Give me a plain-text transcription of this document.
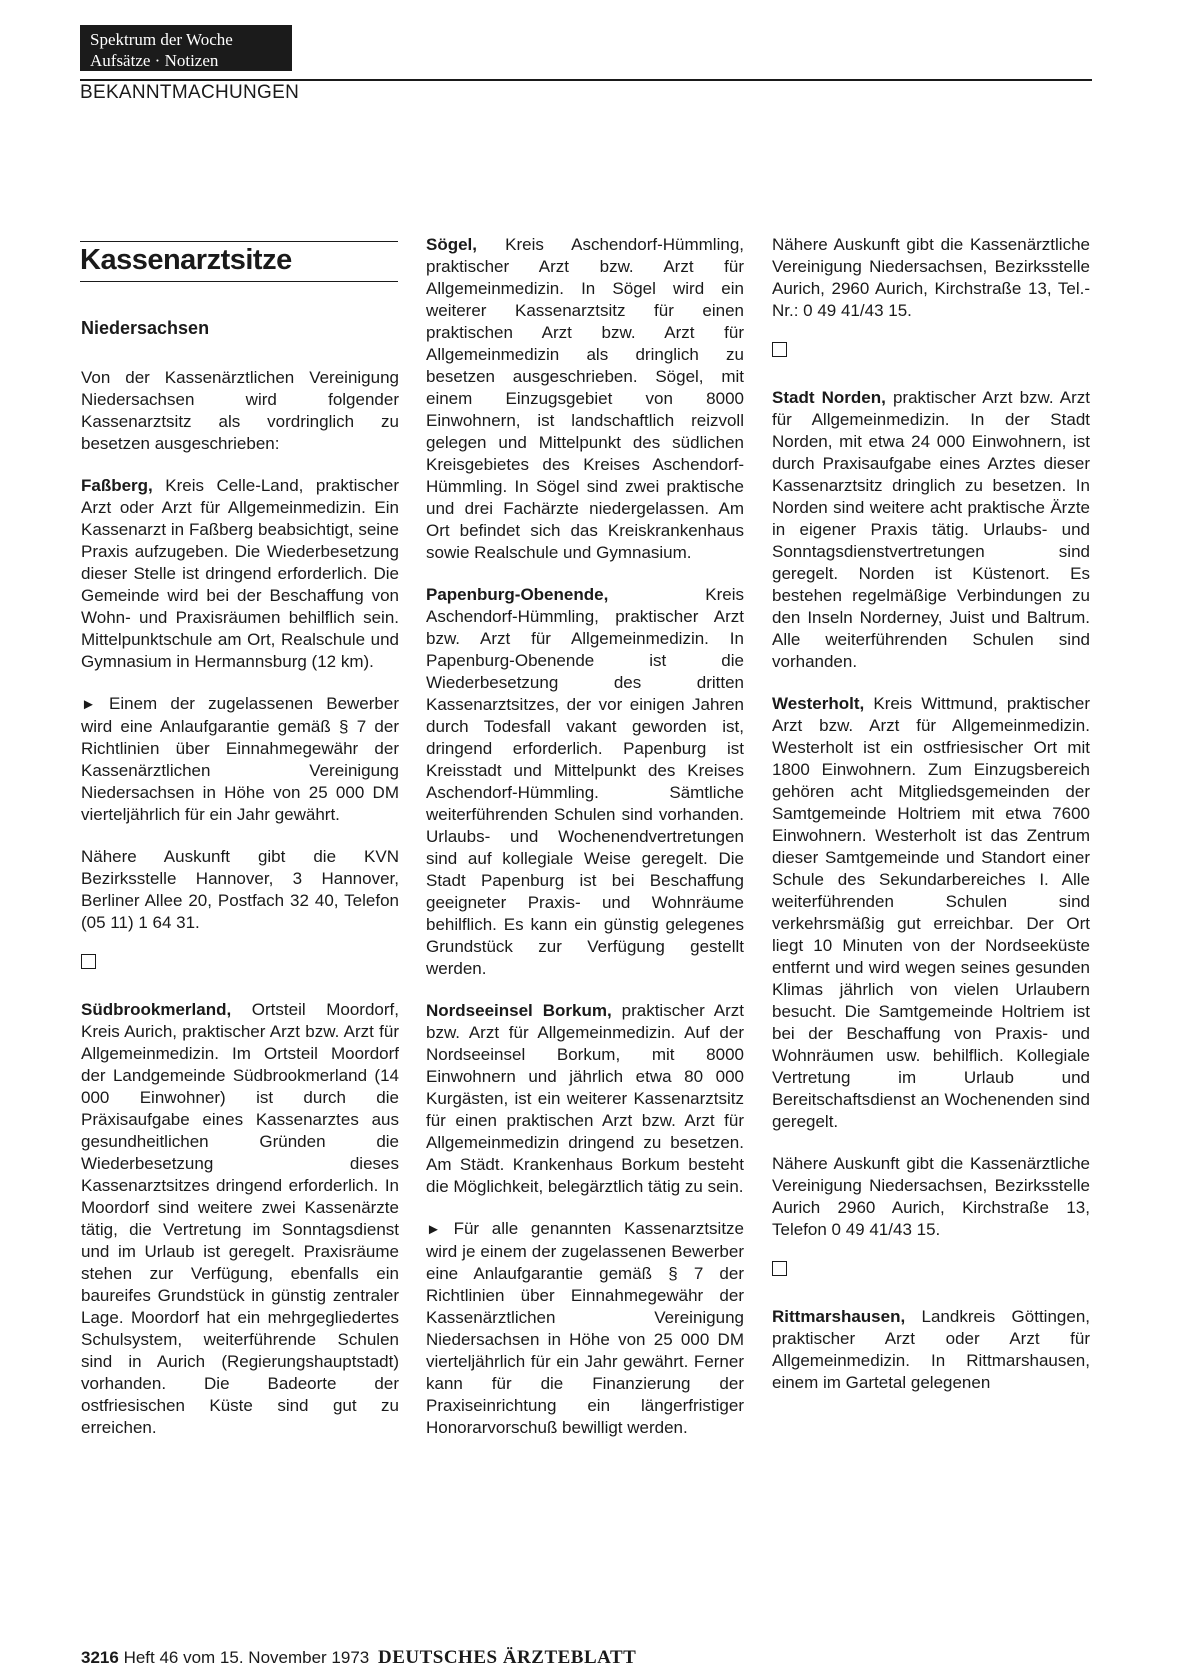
Spektrum der Woche
Aufsätze · Notizen
BEKANNTMACHUNGEN
Kassenarztsitze
Niedersachsen

Von der Kassenärztlichen Vereinigung Niedersachsen wird folgender Kassenarztsitz als vordringlich zu besetzen ausgeschrieben:

Faßberg, Kreis Celle-Land, praktischer Arzt oder Arzt für Allgemeinmedizin. Ein Kassenarzt in Faßberg beabsichtigt, seine Praxis aufzugeben. Die Wiederbesetzung dieser Stelle ist dringend erforderlich. Die Gemeinde wird bei der Beschaffung von Wohn- und Praxisräumen behilflich sein. Mittelpunktschule am Ort, Realschule und Gymnasium in Hermannsburg (12 km).

► Einem der zugelassenen Bewerber wird eine Anlaufgarantie gemäß § 7 der Richtlinien über Einnahmegewähr der Kassenärztlichen Vereinigung Niedersachsen in Höhe von 25 000 DM vierteljährlich für ein Jahr gewährt.

Nähere Auskunft gibt die KVN Bezirksstelle Hannover, 3 Hannover, Berliner Allee 20, Postfach 32 40, Telefon (05 11) 1 64 31.

Südbrookmerland, Ortsteil Moordorf, Kreis Aurich, praktischer Arzt bzw. Arzt für Allgemeinmedizin. Im Ortsteil Moordorf der Landgemeinde Südbrookmerland (14 000 Einwohner) ist durch die Präxisaufgabe eines Kassenarztes aus gesundheitlichen Gründen die Wiederbesetzung dieses Kassenarztsitzes dringend erforderlich. In Moordorf sind weitere zwei Kassenärzte tätig, die Vertretung im Sonntagsdienst und im Urlaub ist geregelt. Praxisräume stehen zur Verfügung, ebenfalls ein baureifes Grundstück in günstig zentraler Lage. Moordorf hat ein mehrgegliedertes Schulsystem, weiterführende Schulen sind in Aurich (Regierungshauptstadt) vorhanden. Die Badeorte der ostfriesischen Küste sind gut zu erreichen.

Sögel, Kreis Aschendorf-Hümmling, praktischer Arzt bzw. Arzt für Allgemeinmedizin. In Sögel wird ein weiterer Kassenarztsitz für einen praktischen Arzt bzw. Arzt für Allgemeinmedizin als dringlich zu besetzen ausgeschrieben. Sögel, mit einem Einzugsgebiet von 8000 Einwohnern, ist landschaftlich reizvoll gelegen und Mittelpunkt des südlichen Kreisgebietes des Kreises Aschendorf-Hümmling. In Sögel sind zwei praktische und drei Fachärzte niedergelassen. Am Ort befindet sich das Kreiskrankenhaus sowie Realschule und Gymnasium.

Papenburg-Obenende, Kreis Aschendorf-Hümmling, praktischer Arzt bzw. Arzt für Allgemeinmedizin. In Papenburg-Obenende ist die Wiederbesetzung des dritten Kassenarztsitzes, der vor einigen Jahren durch Todesfall vakant geworden ist, dringend erforderlich. Papenburg ist Kreisstadt und Mittelpunkt des Kreises Aschendorf-Hümmling. Sämtliche weiterführenden Schulen sind vorhanden. Urlaubs- und Wochenendvertretungen sind auf kollegiale Weise geregelt. Die Stadt Papenburg ist bei Beschaffung geeigneter Praxis- und Wohnräume behilflich. Es kann ein günstig gelegenes Grundstück zur Verfügung gestellt werden.

Nordseeinsel Borkum, praktischer Arzt bzw. Arzt für Allgemeinmedizin. Auf der Nordseeinsel Borkum, mit 8000 Einwohnern und jährlich etwa 80 000 Kurgästen, ist ein weiterer Kassenarztsitz für einen praktischen Arzt bzw. Arzt für Allgemeinmedizin dringend zu besetzen. Am Städt. Krankenhaus Borkum besteht die Möglichkeit, belegärztlich tätig zu sein.

► Für alle genannten Kassenarztsitze wird je einem der zugelassenen Bewerber eine Anlaufgarantie gemäß § 7 der Richtlinien über Einnahmegewähr der Kassenärztlichen Vereinigung Niedersachsen in Höhe von 25 000 DM vierteljährlich für ein Jahr gewährt. Ferner kann für die Finanzierung der Praxiseinrichtung ein längerfristiger Honorarvorschuß bewilligt werden.

Nähere Auskunft gibt die Kassenärztliche Vereinigung Niedersachsen, Bezirksstelle Aurich, 2960 Aurich, Kirchstraße 13, Tel.-Nr.: 0 49 41/43 15.

Stadt Norden, praktischer Arzt bzw. Arzt für Allgemeinmedizin. In der Stadt Norden, mit etwa 24 000 Einwohnern, ist durch Praxisaufgabe eines Arztes dieser Kassenarztsitz dringlich zu besetzen. In Norden sind weitere acht praktische Ärzte in eigener Praxis tätig. Urlaubs- und Sonntagsdienstvertretungen sind geregelt. Norden ist Küstenort. Es bestehen regelmäßige Verbindungen zu den Inseln Norderney, Juist und Baltrum. Alle weiterführenden Schulen sind vorhanden.

Westerholt, Kreis Wittmund, praktischer Arzt bzw. Arzt für Allgemeinmedizin. Westerholt ist ein ostfriesischer Ort mit 1800 Einwohnern. Zum Einzugsbereich gehören acht Mitgliedsgemeinden der Samtgemeinde Holtriem mit etwa 7600 Einwohnern. Westerholt ist das Zentrum dieser Samtgemeinde und Standort einer Schule des Sekundarbereiches I. Alle weiterführenden Schulen sind verkehrsmäßig gut erreichbar. Der Ort liegt 10 Minuten von der Nordseeküste entfernt und wird wegen seines gesunden Klimas jährlich von vielen Urlaubern besucht. Die Samtgemeinde Holtriem ist bei der Beschaffung von Praxis- und Wohnräumen usw. behilflich. Kollegiale Vertretung im Urlaub und Bereitschaftsdienst an Wochenenden sind geregelt.

Nähere Auskunft gibt die Kassenärztliche Vereinigung Niedersachsen, Bezirksstelle Aurich 2960 Aurich, Kirchstraße 13, Telefon 0 49 41/43 15.

Rittmarshausen, Landkreis Göttingen, praktischer Arzt oder Arzt für Allgemeinmedizin. In Rittmarshausen, einem im Gartetal gelegenen

3216 Heft 46 vom 15. November 1973 DEUTSCHES ÄRZTEBLATT
